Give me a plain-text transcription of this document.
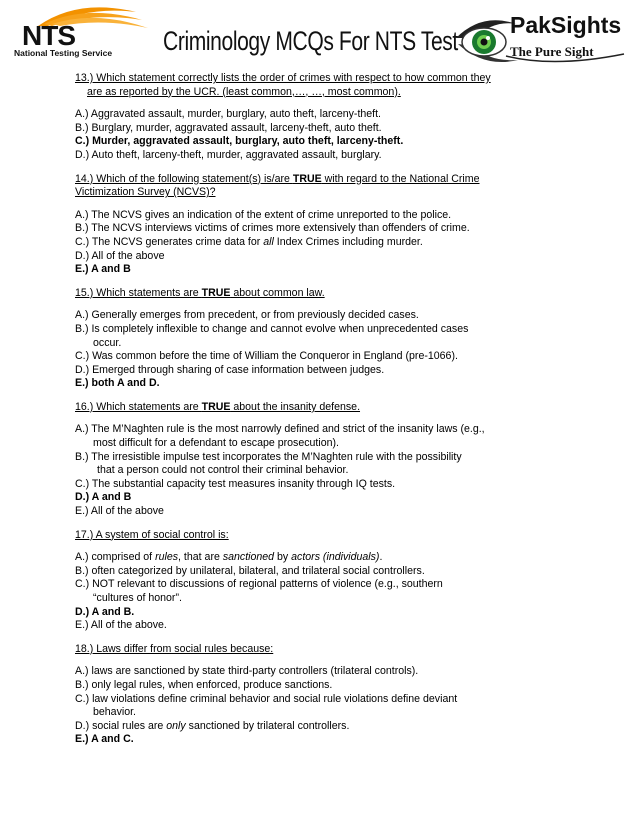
NTS
National Testing Service Criminology MCQs For NTS Test
PakSights
The Pure Sight

13.) Which statement correctly lists the order of crimes with respect to how common they
are as reported by the UCR. (least common,…, …, most common).

A.) Aggravated assault, murder, burglary, auto theft, larceny-theft.
B.) Burglary, murder, aggravated assault, larceny-theft, auto theft.
C.) Murder, aggravated assault, burglary, auto theft, larceny-theft.
D.) Auto theft, larceny-theft, murder, aggravated assault, burglary.

14.) Which of the following statement(s) is/are TRUE with regard to the National Crime Victimization Survey (NCVS)?

A.) The NCVS gives an indication of the extent of crime unreported to the police.
B.) The NCVS interviews victims of crimes more extensively than offenders of crime.
C.) The NCVS generates crime data for all Index Crimes including murder.
D.) All of the above
E.) A and B

15.) Which statements are TRUE about common law.

A.) Generally emerges from precedent, or from previously decided cases.
B.) Is completely inflexible to change and cannot evolve when unprecedented cases
occur.
C.) Was common before the time of William the Conqueror in England (pre-1066).
D.) Emerged through sharing of case information between judges.
E.) both A and D.

16.) Which statements are TRUE about the insanity defense.

A.) The M’Naghten rule is the most narrowly defined and strict of the insanity laws (e.g.,
most difficult for a defendant to escape prosecution).
B.) The irresistible impulse test incorporates the M’Naghten rule with the possibility
that a person could not control their criminal behavior.
C.) The substantial capacity test measures insanity through IQ tests.
D.) A and B
E.) All of the above

17.) A system of social control is:

A.) comprised of rules, that are sanctioned by actors (individuals).
B.) often categorized by unilateral, bilateral, and trilateral social controllers.
C.) NOT relevant to discussions of regional patterns of violence (e.g., southern
“cultures of honor”.
D.) A and B.
E.) All of the above.

18.) Laws differ from social rules because:

A.) laws are sanctioned by state third-party controllers (trilateral controls).
B.) only legal rules, when enforced, produce sanctions.
C.) law violations define criminal behavior and social rule violations define deviant
behavior.
D.) social rules are only sanctioned by trilateral controllers.
E.) A and C.
